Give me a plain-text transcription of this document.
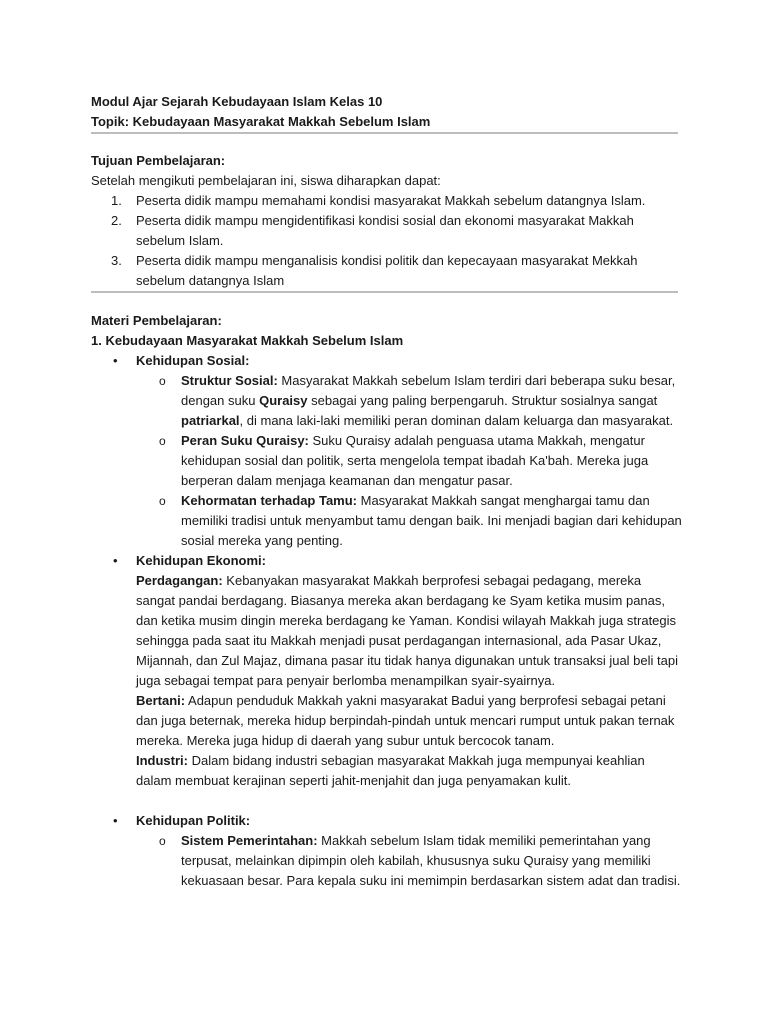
Modul Ajar Sejarah Kebudayaan Islam Kelas 10

Topik: Kebudayaan Masyarakat Makkah Sebelum Islam

Tujuan Pembelajaran:

Setelah mengikuti pembelajaran ini, siswa diharapkan dapat:

1. Peserta didik mampu memahami kondisi masyarakat Makkah sebelum datangnya Islam.
2. Peserta didik mampu mengidentifikasi kondisi sosial dan ekonomi masyarakat Makkah sebelum Islam.
3. Peserta didik mampu menganalisis kondisi politik dan kepecayaan masyarakat Mekkah sebelum datangnya Islam

Materi Pembelajaran:

1. Kebudayaan Masyarakat Makkah Sebelum Islam

• Kehidupan Sosial:
o Struktur Sosial: Masyarakat Makkah sebelum Islam terdiri dari beberapa suku besar, dengan suku Quraisy sebagai yang paling berpengaruh. Struktur sosialnya sangat patriarkal, di mana laki-laki memiliki peran dominan dalam keluarga dan masyarakat.
o Peran Suku Quraisy: Suku Quraisy adalah penguasa utama Makkah, mengatur kehidupan sosial dan politik, serta mengelola tempat ibadah Ka'bah. Mereka juga berperan dalam menjaga keamanan dan mengatur pasar.
o Kehormatan terhadap Tamu: Masyarakat Makkah sangat menghargai tamu dan memiliki tradisi untuk menyambut tamu dengan baik. Ini menjadi bagian dari kehidupan sosial mereka yang penting.
• Kehidupan Ekonomi:

Perdagangan: Kebanyakan masyarakat Makkah berprofesi sebagai pedagang, mereka sangat pandai berdagang. Biasanya mereka akan berdagang ke Syam ketika musim panas, dan ketika musim dingin mereka berdagang ke Yaman. Kondisi wilayah Makkah juga strategis sehingga pada saat itu Makkah menjadi pusat perdagangan internasional, ada Pasar Ukaz, Mijannah, dan Zul Majaz, dimana pasar itu tidak hanya digunakan untuk transaksi jual beli tapi juga sebagai tempat para penyair berlomba menampilkan syair-syairnya.

Bertani: Adapun penduduk Makkah yakni masyarakat Badui yang berprofesi sebagai petani dan juga beternak, mereka hidup berpindah-pindah untuk mencari rumput untuk pakan ternak mereka. Mereka juga hidup di daerah yang subur untuk bercocok tanam.

Industri: Dalam bidang industri sebagian masyarakat Makkah juga mempunyai keahlian dalam membuat kerajinan seperti jahit-menjahit dan juga penyamakan kulit.

• Kehidupan Politik:
o Sistem Pemerintahan: Makkah sebelum Islam tidak memiliki pemerintahan yang terpusat, melainkan dipimpin oleh kabilah, khususnya suku Quraisy yang memiliki kekuasaan besar. Para kepala suku ini memimpin berdasarkan sistem adat dan tradisi.
